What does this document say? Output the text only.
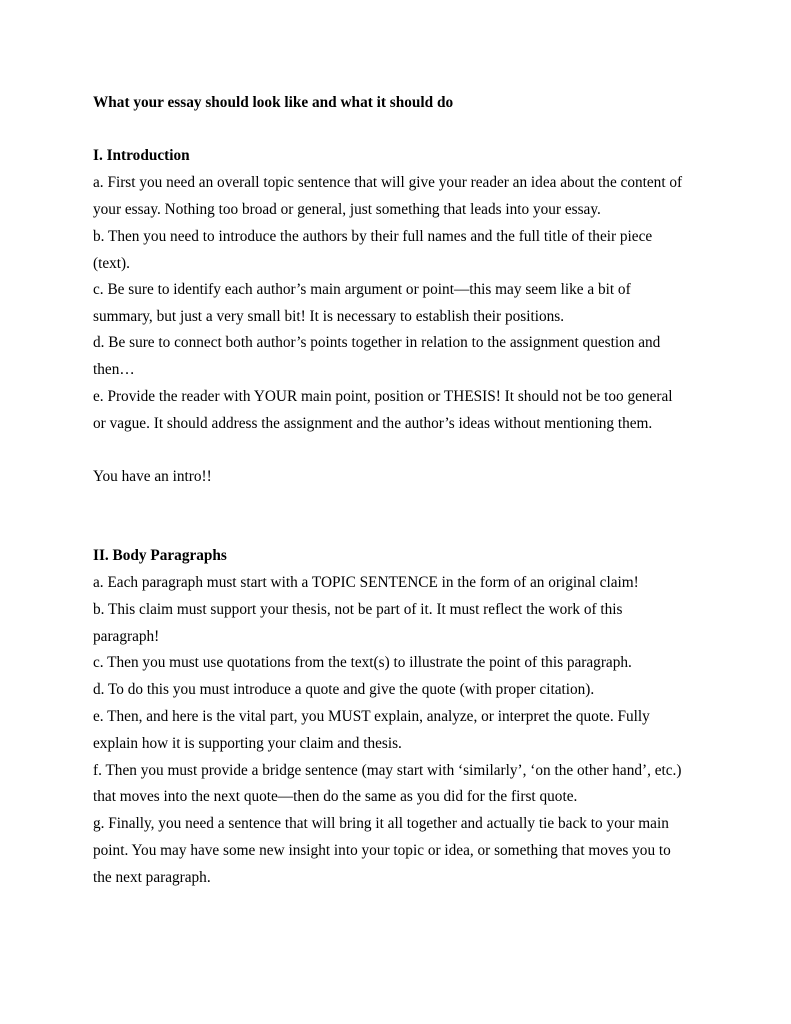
What your essay should look like and what it should do
I. Introduction
a. First you need an overall topic sentence that will give your reader an idea about the content of
your essay. Nothing too broad or general, just something that leads into your essay.
b. Then you need to introduce the authors by their full names and the full title of their piece
(text).
c. Be sure to identify each author’s main argument or point—this may seem like a bit of
summary, but just a very small bit! It is necessary to establish their positions.
d. Be sure to connect both author’s points together in relation to the assignment question and
then…
e. Provide the reader with YOUR main point, position or THESIS! It should not be too general
or vague. It should address the assignment and the author’s ideas without mentioning them.
You have an intro!!
II. Body Paragraphs
a. Each paragraph must start with a TOPIC SENTENCE in the form of an original claim!
b. This claim must support your thesis, not be part of it. It must reflect the work of this
paragraph!
c. Then you must use quotations from the text(s) to illustrate the point of this paragraph.
d. To do this you must introduce a quote and give the quote (with proper citation).
e. Then, and here is the vital part, you MUST explain, analyze, or interpret the quote. Fully
explain how it is supporting your claim and thesis.
f. Then you must provide a bridge sentence (may start with ‘similarly’, ‘on the other hand’, etc.)
that moves into the next quote—then do the same as you did for the first quote.
g. Finally, you need a sentence that will bring it all together and actually tie back to your main
point. You may have some new insight into your topic or idea, or something that moves you to
the next paragraph.
